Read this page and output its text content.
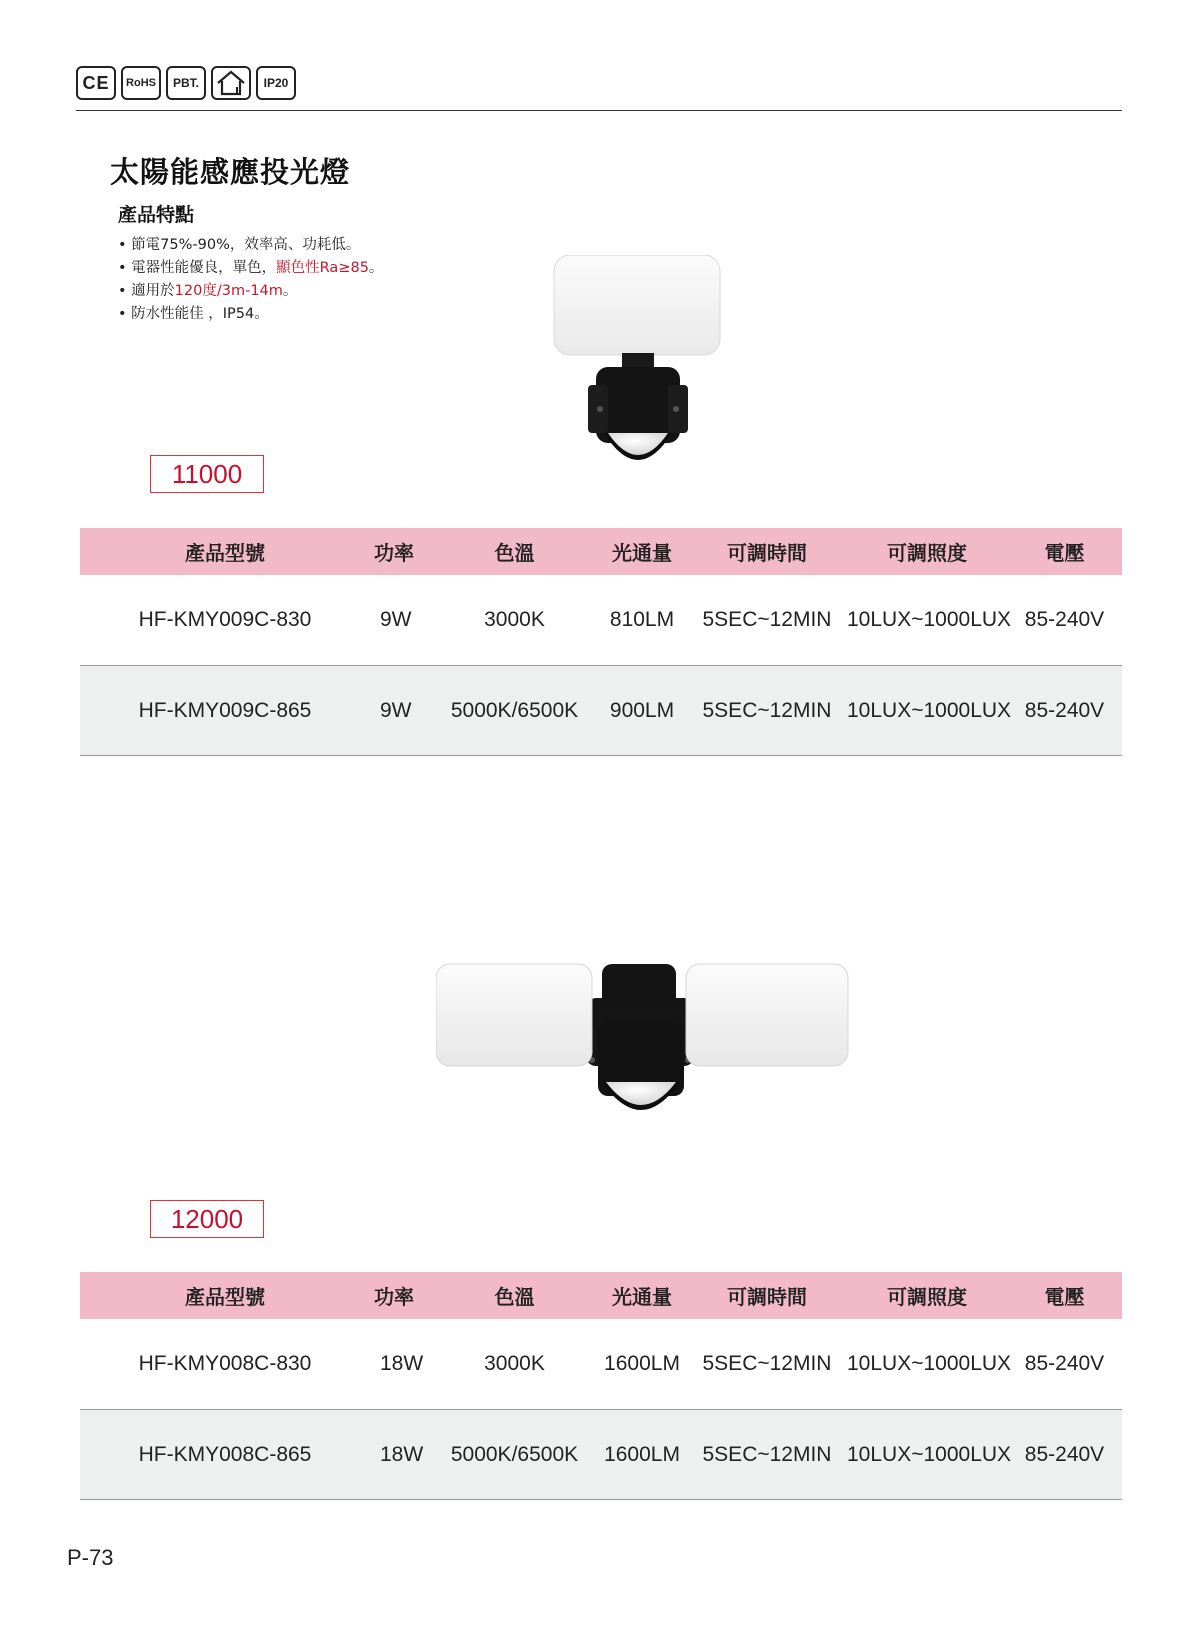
CE	RoHS	PBT.	IP20
太陽能感應投光燈
產品特點
• 節電75%-90%，效率高、功耗低。
• 電器性能優良，單色，顯色性Ra≥85。
• 適用於120度/3m-14m。
• 防水性能佳 ，IP54。
11000
產品型號	功率	色溫	光通量	可調時間	可調照度	電壓
HF-KMY009C-830	9W	3000K	810LM	5SEC~12MIN 10LUX~1000LUX 85-240V
HF-KMY009C-865	9W	5000K/6500K	900LM	5SEC~12MIN 10LUX~1000LUX 85-240V
12000
產品型號	功率	色溫	光通量	可調時間	可調照度	電壓
HF-KMY008C-830	18W	3000K	1600LM	5SEC~12MIN 10LUX~1000LUX 85-240V
HF-KMY008C-865	18W	5000K/6500K	1600LM	5SEC~12MIN 10LUX~1000LUX 85-240V
P-73
